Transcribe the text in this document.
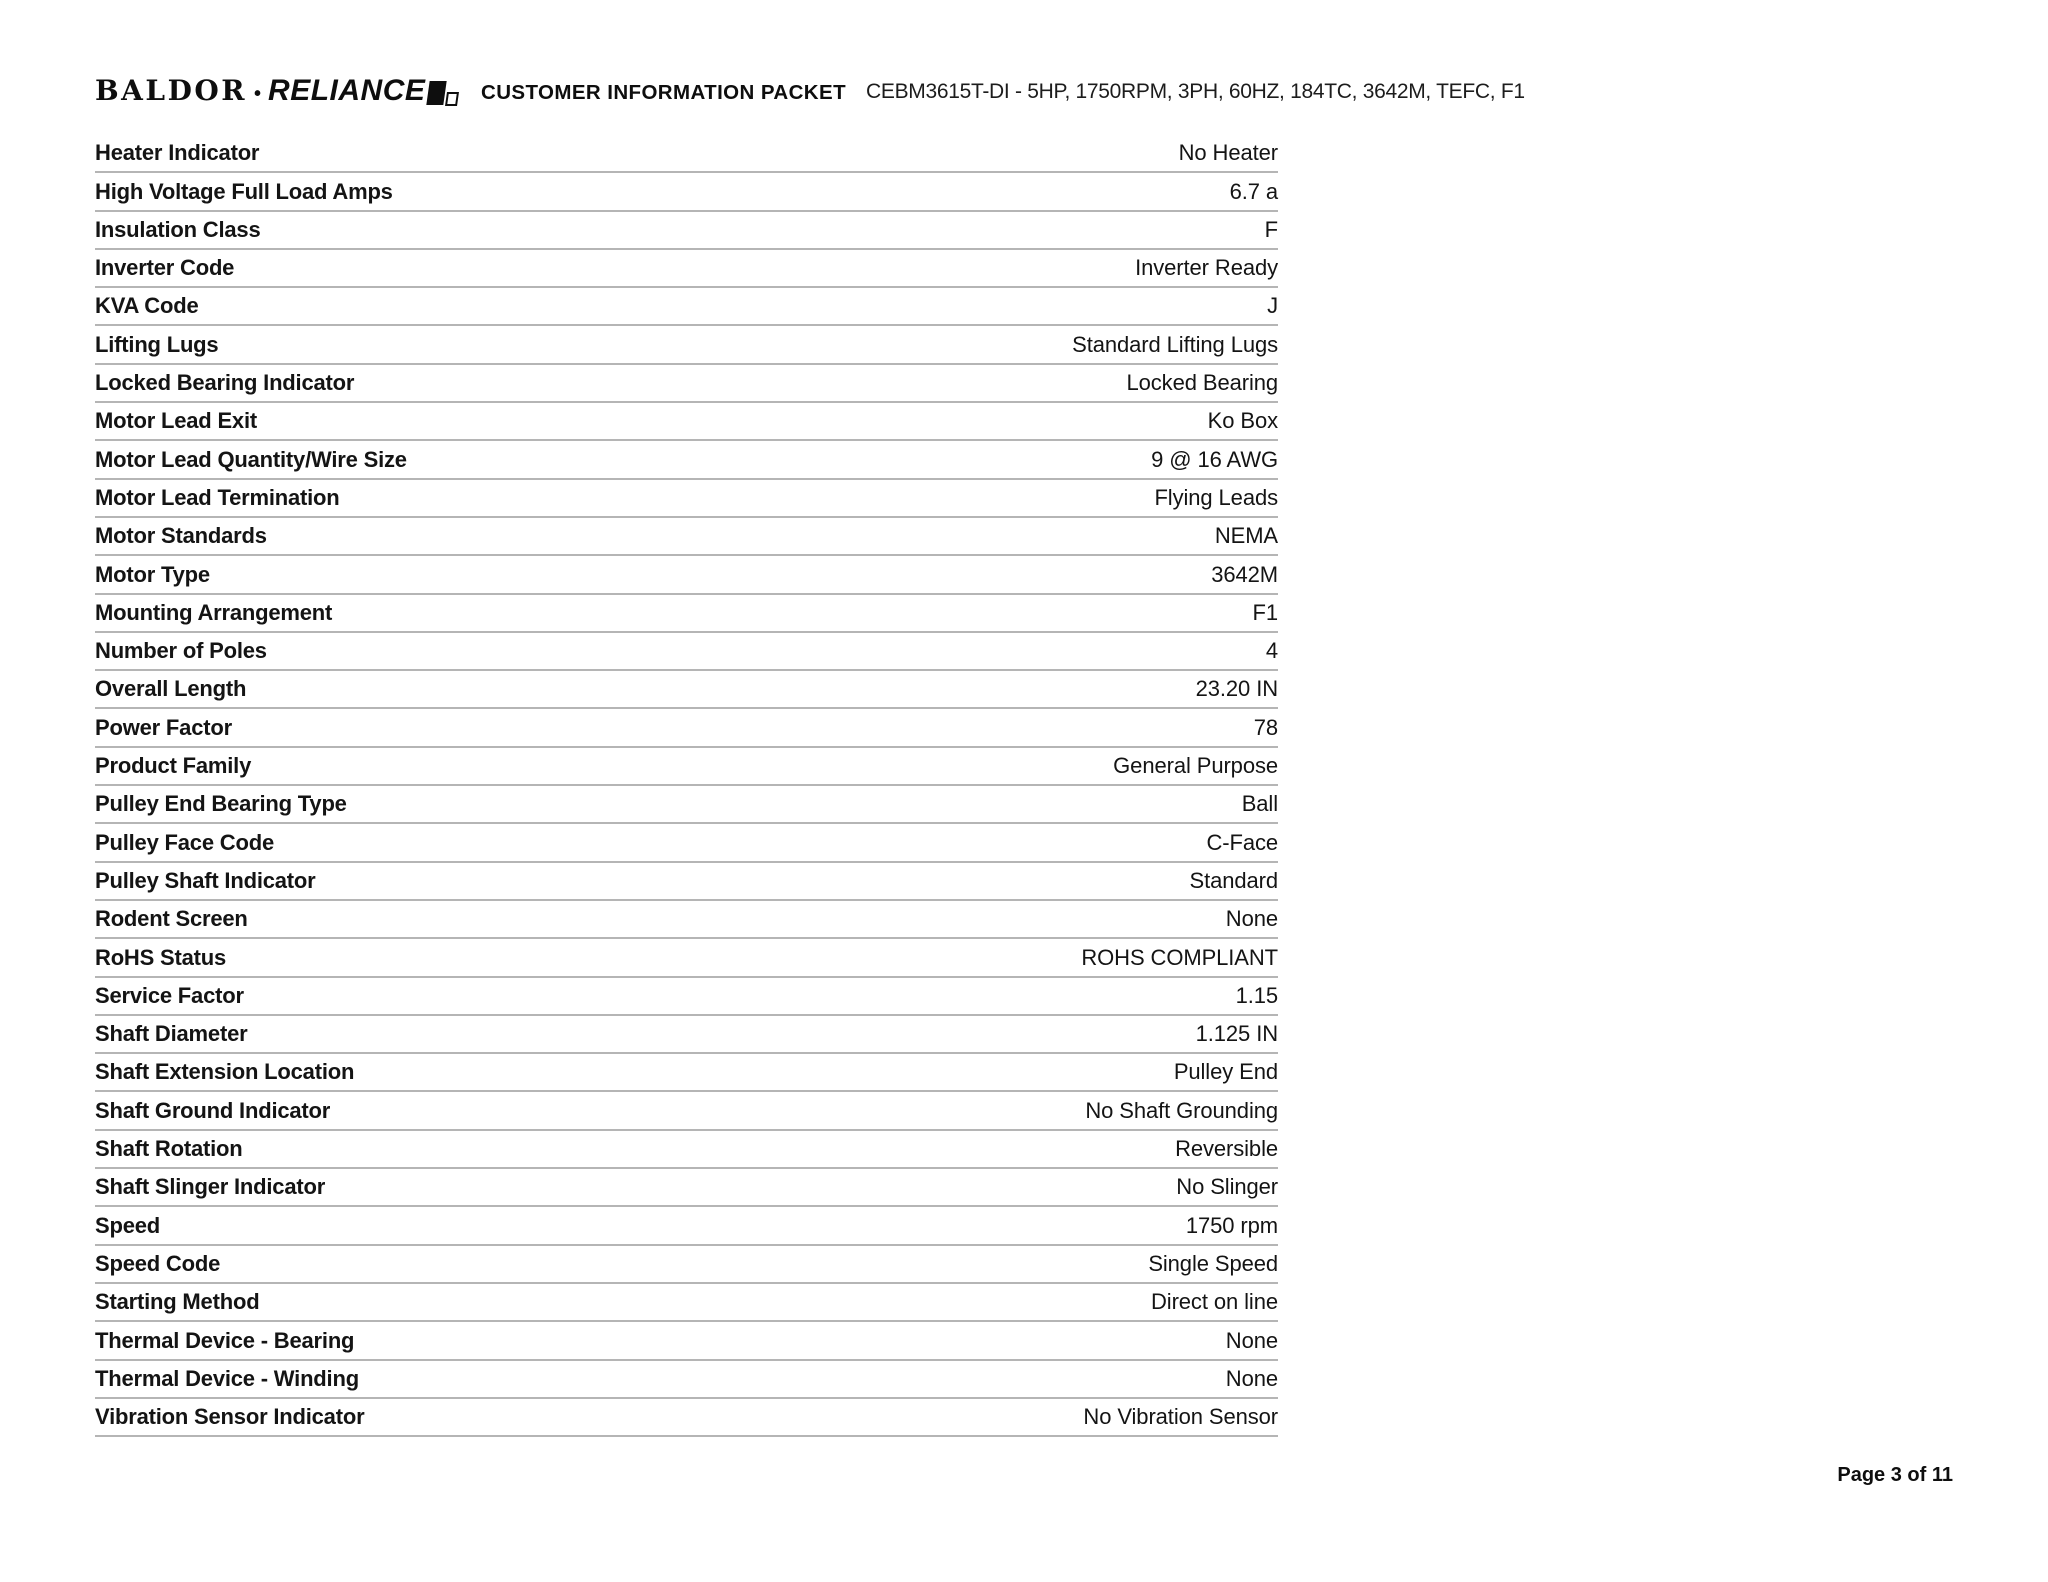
BALDOR • RELIANCE	CUSTOMER INFORMATION PACKET CEBM3615T-DI - 5HP, 1750RPM, 3PH, 60HZ, 184TC, 3642M, TEFC, F1
Heater Indicator	No Heater
High Voltage Full Load Amps	6.7 a
Insulation Class	F
Inverter Code	Inverter Ready
KVA Code	J
Lifting Lugs	Standard Lifting Lugs
Locked Bearing Indicator	Locked Bearing
Motor Lead Exit	Ko Box
Motor Lead Quantity/Wire Size	9 @ 16 AWG
Motor Lead Termination	Flying Leads
Motor Standards	NEMA
Motor Type	3642M
Mounting Arrangement	F1
Number of Poles	4
Overall Length	23.20 IN
Power Factor	78
Product Family	General Purpose
Pulley End Bearing Type	Ball
Pulley Face Code	C-Face
Pulley Shaft Indicator	Standard
Rodent Screen	None
RoHS Status	ROHS COMPLIANT
Service Factor	1.15
Shaft Diameter	1.125 IN
Shaft Extension Location	Pulley End
Shaft Ground Indicator	No Shaft Grounding
Shaft Rotation	Reversible
Shaft Slinger Indicator	No Slinger
Speed	1750 rpm
Speed Code	Single Speed
Starting Method	Direct on line
Thermal Device - Bearing	None
Thermal Device - Winding	None
Vibration Sensor Indicator	No Vibration Sensor
Page 3 of 11
